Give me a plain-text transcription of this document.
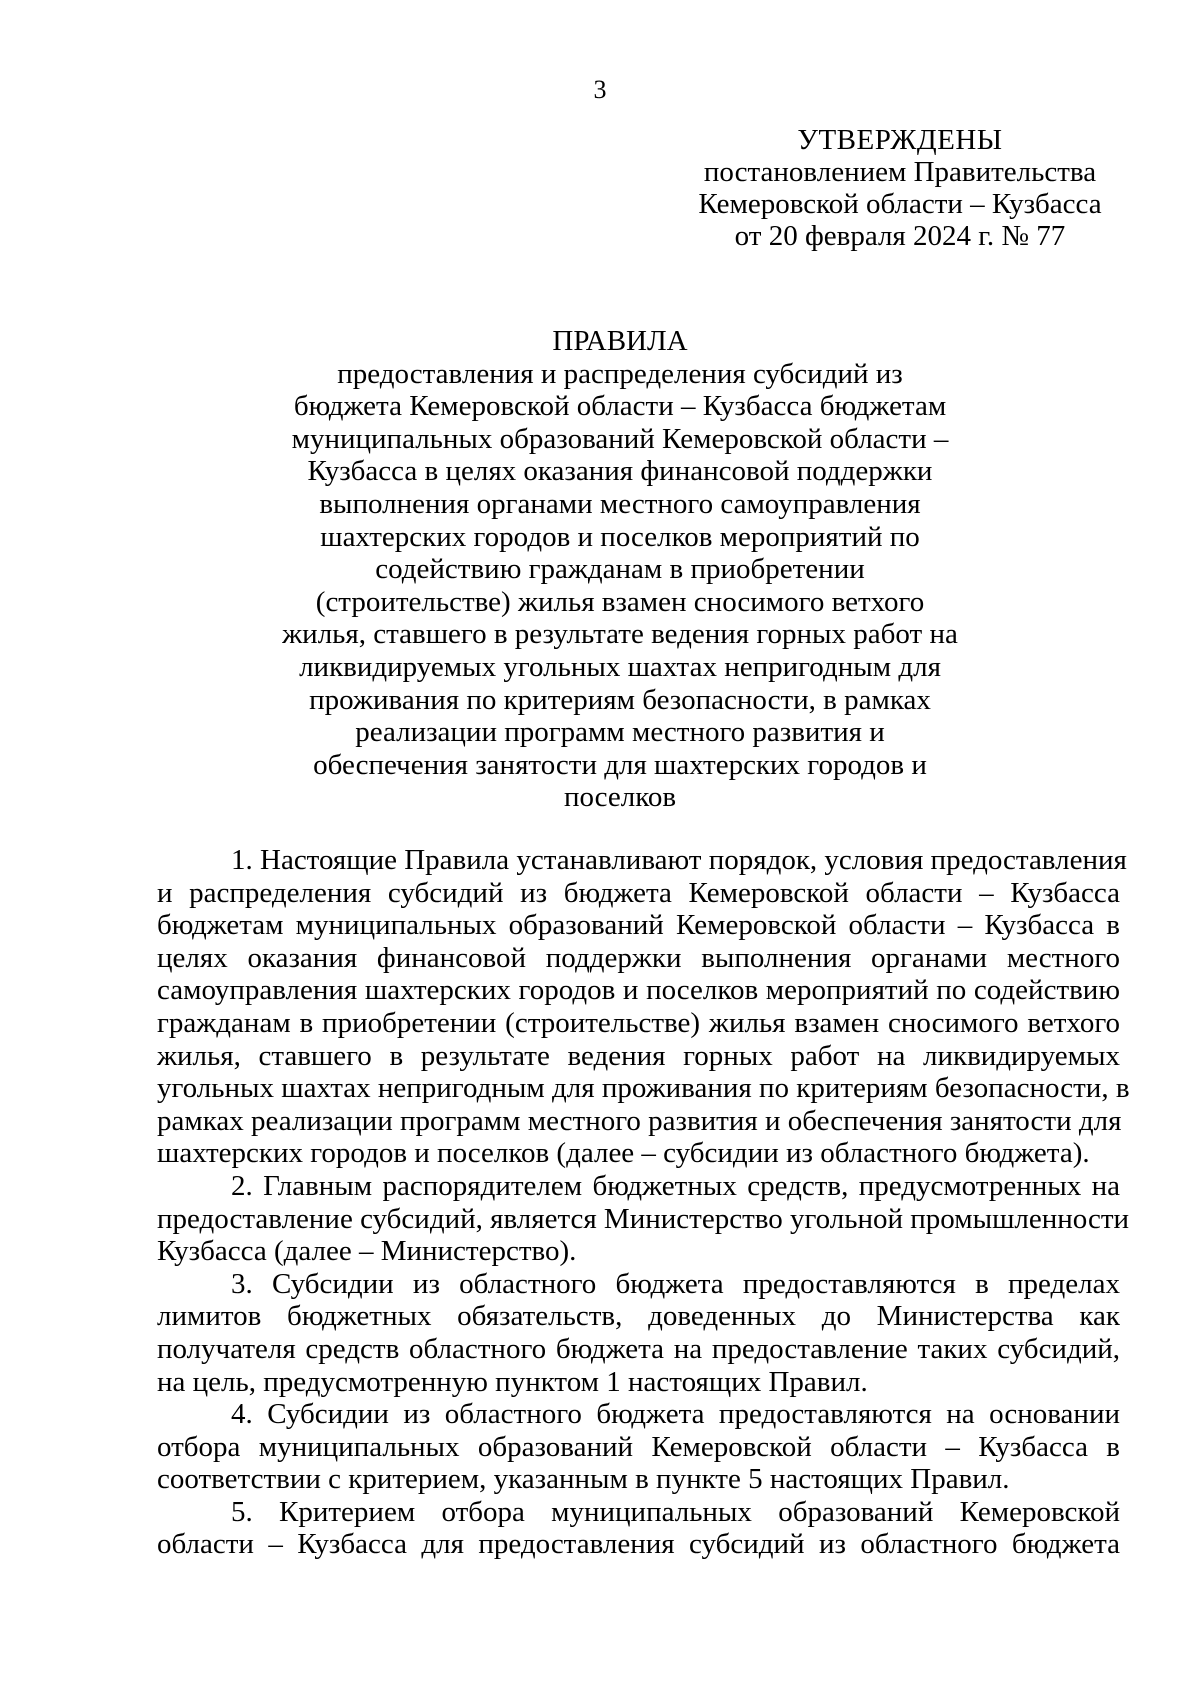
3
УТВЕРЖДЕНЫ
постановлением Правительства
Кемеровской области – Кузбасса
от 20 февраля 2024 г. № 77
ПРАВИЛА
предоставления и распределения субсидий из
бюджета Кемеровской области – Кузбасса бюджетам
муниципальных образований Кемеровской области –
Кузбасса в целях оказания финансовой поддержки
выполнения органами местного самоуправления
шахтерских городов и поселков мероприятий по
содействию гражданам в приобретении
(строительстве) жилья взамен сносимого ветхого
жилья, ставшего в результате ведения горных работ на
ликвидируемых угольных шахтах непригодным для
проживания по критериям безопасности, в рамках
реализации программ местного развития и
обеспечения занятости для шахтерских городов и
поселков
1. Настоящие Правила устанавливают порядок, условия предоставления
и распределения субсидий из бюджета Кемеровской области – Кузбасса
бюджетам муниципальных образований Кемеровской области – Кузбасса в
целях оказания финансовой поддержки выполнения органами местного
самоуправления шахтерских городов и поселков мероприятий по содействию
гражданам в приобретении (строительстве) жилья взамен сносимого ветхого
жилья, ставшего в результате ведения горных работ на ликвидируемых
угольных шахтах непригодным для проживания по критериям безопасности, в
рамках реализации программ местного развития и обеспечения занятости для
шахтерских городов и поселков (далее – субсидии из областного бюджета).
2. Главным распорядителем бюджетных средств, предусмотренных на
предоставление субсидий, является Министерство угольной промышленности
Кузбасса (далее – Министерство).
3. Субсидии из областного бюджета предоставляются в пределах
лимитов бюджетных обязательств, доведенных до Министерства как
получателя средств областного бюджета на предоставление таких субсидий,
на цель, предусмотренную пунктом 1 настоящих Правил.
4. Субсидии из областного бюджета предоставляются на основании
отбора муниципальных образований Кемеровской области – Кузбасса в
соответствии с критерием, указанным в пункте 5 настоящих Правил.
5. Критерием отбора муниципальных образований Кемеровской
области – Кузбасса для предоставления субсидий из областного бюджета
